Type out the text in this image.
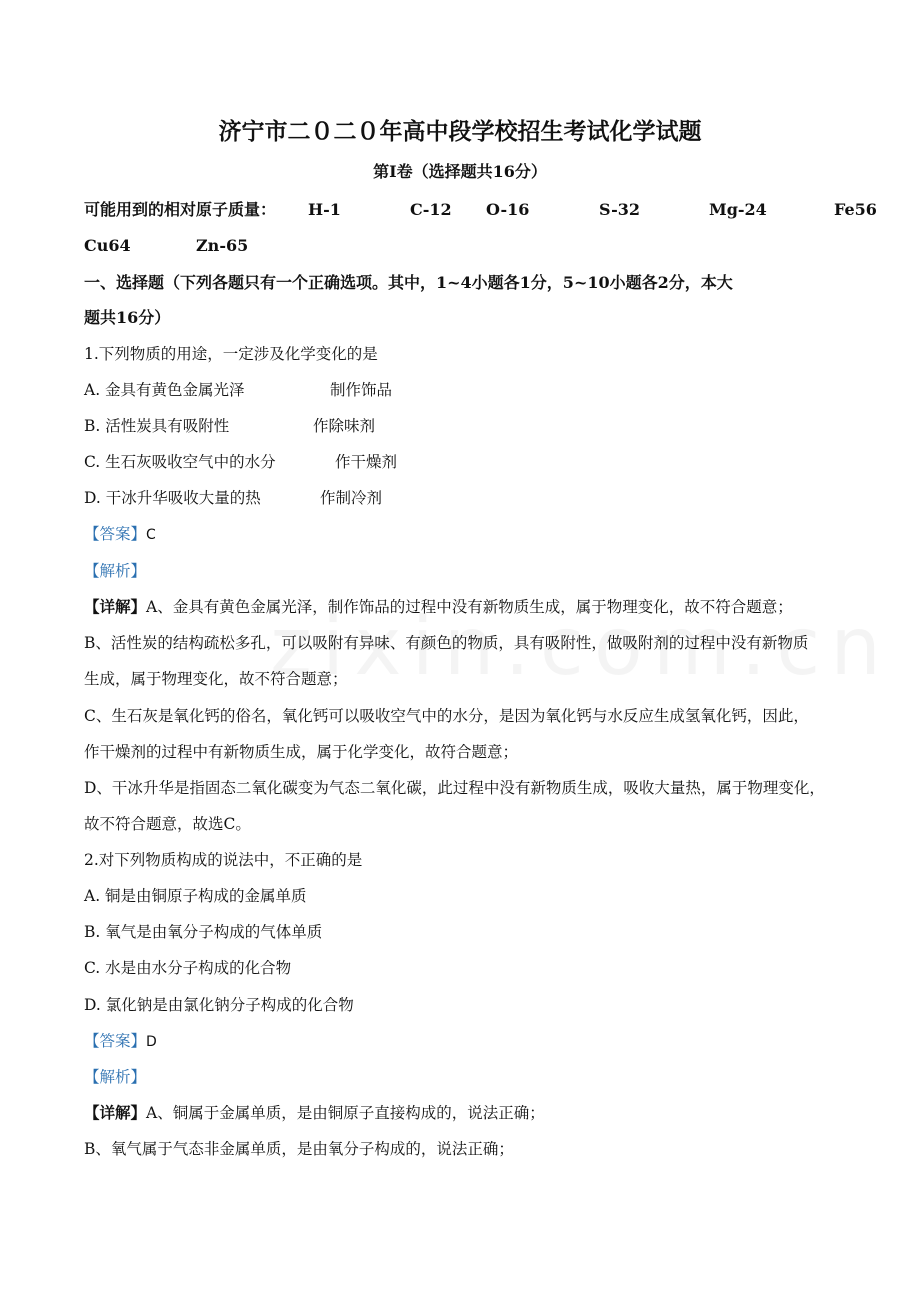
济宁市二０二０年高中段学校招生考试化学试题
第Ⅰ卷（选择题共16分）
可能用到的相对原子质量： H-1	C-12 O-16	S-32	Mg-24	Fe56
Cu64	Zn-65
一、选择题（下列各题只有一个正确选项。其中，1~4小题各1分，5~10小题各2分，本大
题共16分）
1.下列物质的用途，一定涉及化学变化的是
A. 金具有黄色金属光泽	制作饰品
B. 活性炭具有吸附性	作除味剂
C. 生石灰吸收空气中的水分	作干燥剂
D. 干冰升华吸收大量的热	作制冷剂
【答案】C
【解析】
【详解】A、金具有黄色金属光泽，制作饰品的过程中没有新物质生成，属于物理变化，故不符合题意；
B、活性炭的结构疏松多孔，可以吸附有异味、有颜色的物质，具有吸附性，做吸附剂的过程中没有新物质
生成，属于物理变化，故不符合题意；
C、生石灰是氧化钙的俗名，氧化钙可以吸收空气中的水分，是因为氧化钙与水反应生成氢氧化钙，因此，
作干燥剂的过程中有新物质生成，属于化学变化，故符合题意；
D、干冰升华是指固态二氧化碳变为气态二氧化碳，此过程中没有新物质生成，吸收大量热，属于物理变化，
故不符合题意，故选C。
2.对下列物质构成的说法中，不正确的是
A. 铜是由铜原子构成的金属单质
B. 氧气是由氧分子构成的气体单质
C. 水是由水分子构成的化合物
D. 氯化钠是由氯化钠分子构成的化合物
【答案】D
【解析】
【详解】A、铜属于金属单质，是由铜原子直接构成的，说法正确；
B、氧气属于气态非金属单质，是由氧分子构成的，说法正确；
